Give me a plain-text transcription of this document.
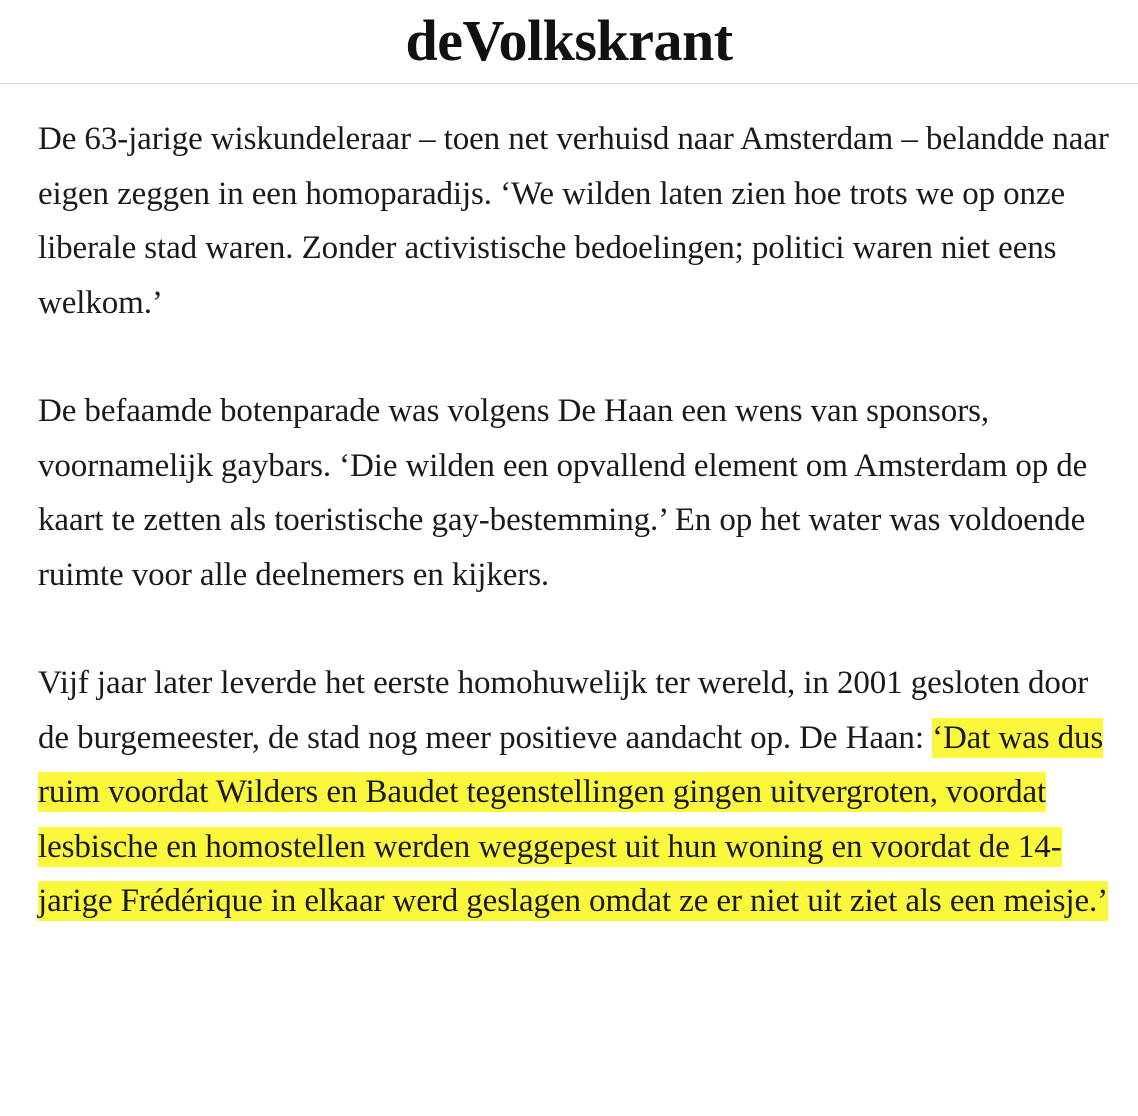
deVolkskrant

De 63-jarige wiskundeleraar – toen net verhuisd naar Amsterdam – belandde naar eigen zeggen in een homoparadijs. ‘We wilden laten zien hoe trots we op onze liberale stad waren. Zonder activistische bedoelingen; politici waren niet eens welkom.’

De befaamde botenparade was volgens De Haan een wens van sponsors, voornamelijk gaybars. ‘Die wilden een opvallend element om Amsterdam op de kaart te zetten als toeristische gay-bestemming.’ En op het water was voldoende ruimte voor alle deelnemers en kijkers.

Vijf jaar later leverde het eerste homohuwelijk ter wereld, in 2001 gesloten door de burgemeester, de stad nog meer positieve aandacht op. De Haan: ‘Dat was dus ruim voordat Wilders en Baudet tegenstellingen gingen uitvergroten, voordat lesbische en homostellen werden weggepest uit hun woning en voordat de 14-jarige Frédérique in elkaar werd geslagen omdat ze er niet uit ziet als een meisje.’
